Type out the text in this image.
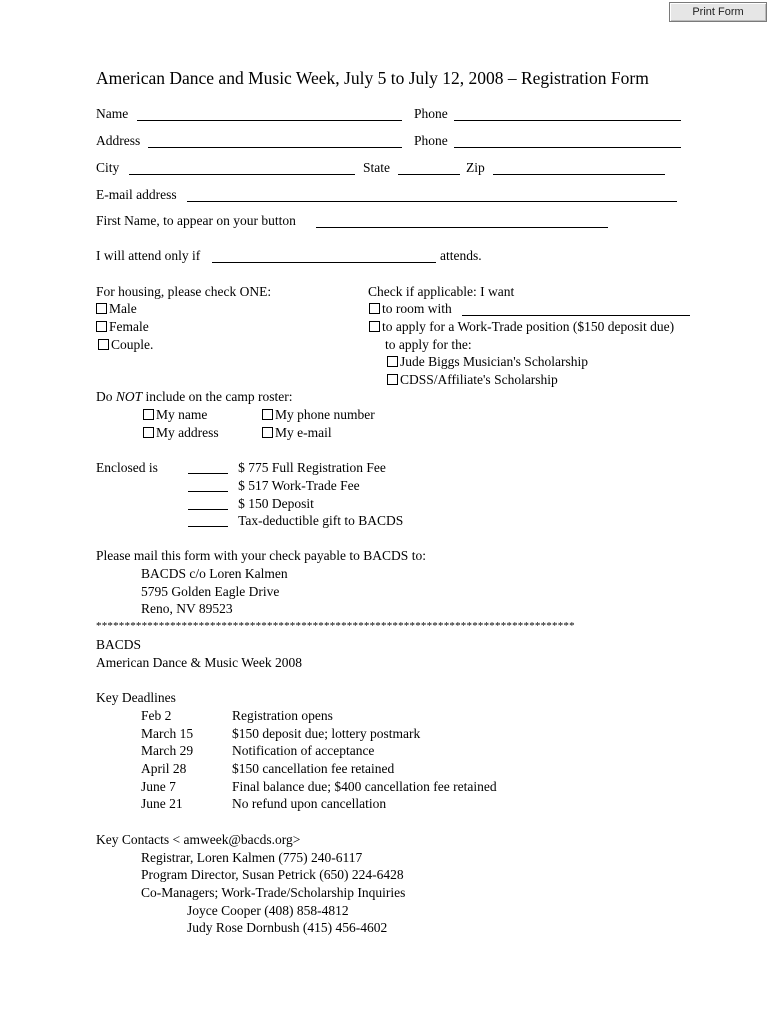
Print Form
American Dance and Music Week, July 5 to July 12, 2008 – Registration Form
Name	Phone
Address	Phone
City	State	Zip
E-mail address
First Name, to appear on your button
I will attend only if	attends.
For housing, please check ONE:
Male
Female
Couple.
Check if applicable: I want
to room with
to apply for a Work-Trade position ($150 deposit due)
to apply for the:
Jude Biggs Musician's Scholarship
CDSS/Affiliate's Scholarship
Do NOT include on the camp roster:
My name	My phone number
My address	My e-mail
Enclosed is	$ 775 Full Registration Fee
$ 517 Work-Trade Fee
$ 150 Deposit
Tax-deductible gift to BACDS
Please mail this form with your check payable to BACDS to:
BACDS c/o Loren Kalmen
5795 Golden Eagle Drive
Reno, NV 89523
************************************************************************************
BACDS
American Dance & Music Week 2008
Key Deadlines
Feb 2	Registration opens
March 15	$150 deposit due; lottery postmark
March 29	Notification of acceptance
April 28	$150 cancellation fee retained
June 7	Final balance due; $400 cancellation fee retained
June 21	No refund upon cancellation
Key Contacts < amweek@bacds.org>
Registrar, Loren Kalmen (775) 240-6117
Program Director, Susan Petrick (650) 224-6428
Co-Managers; Work-Trade/Scholarship Inquiries
Joyce Cooper (408) 858-4812
Judy Rose Dornbush (415) 456-4602
